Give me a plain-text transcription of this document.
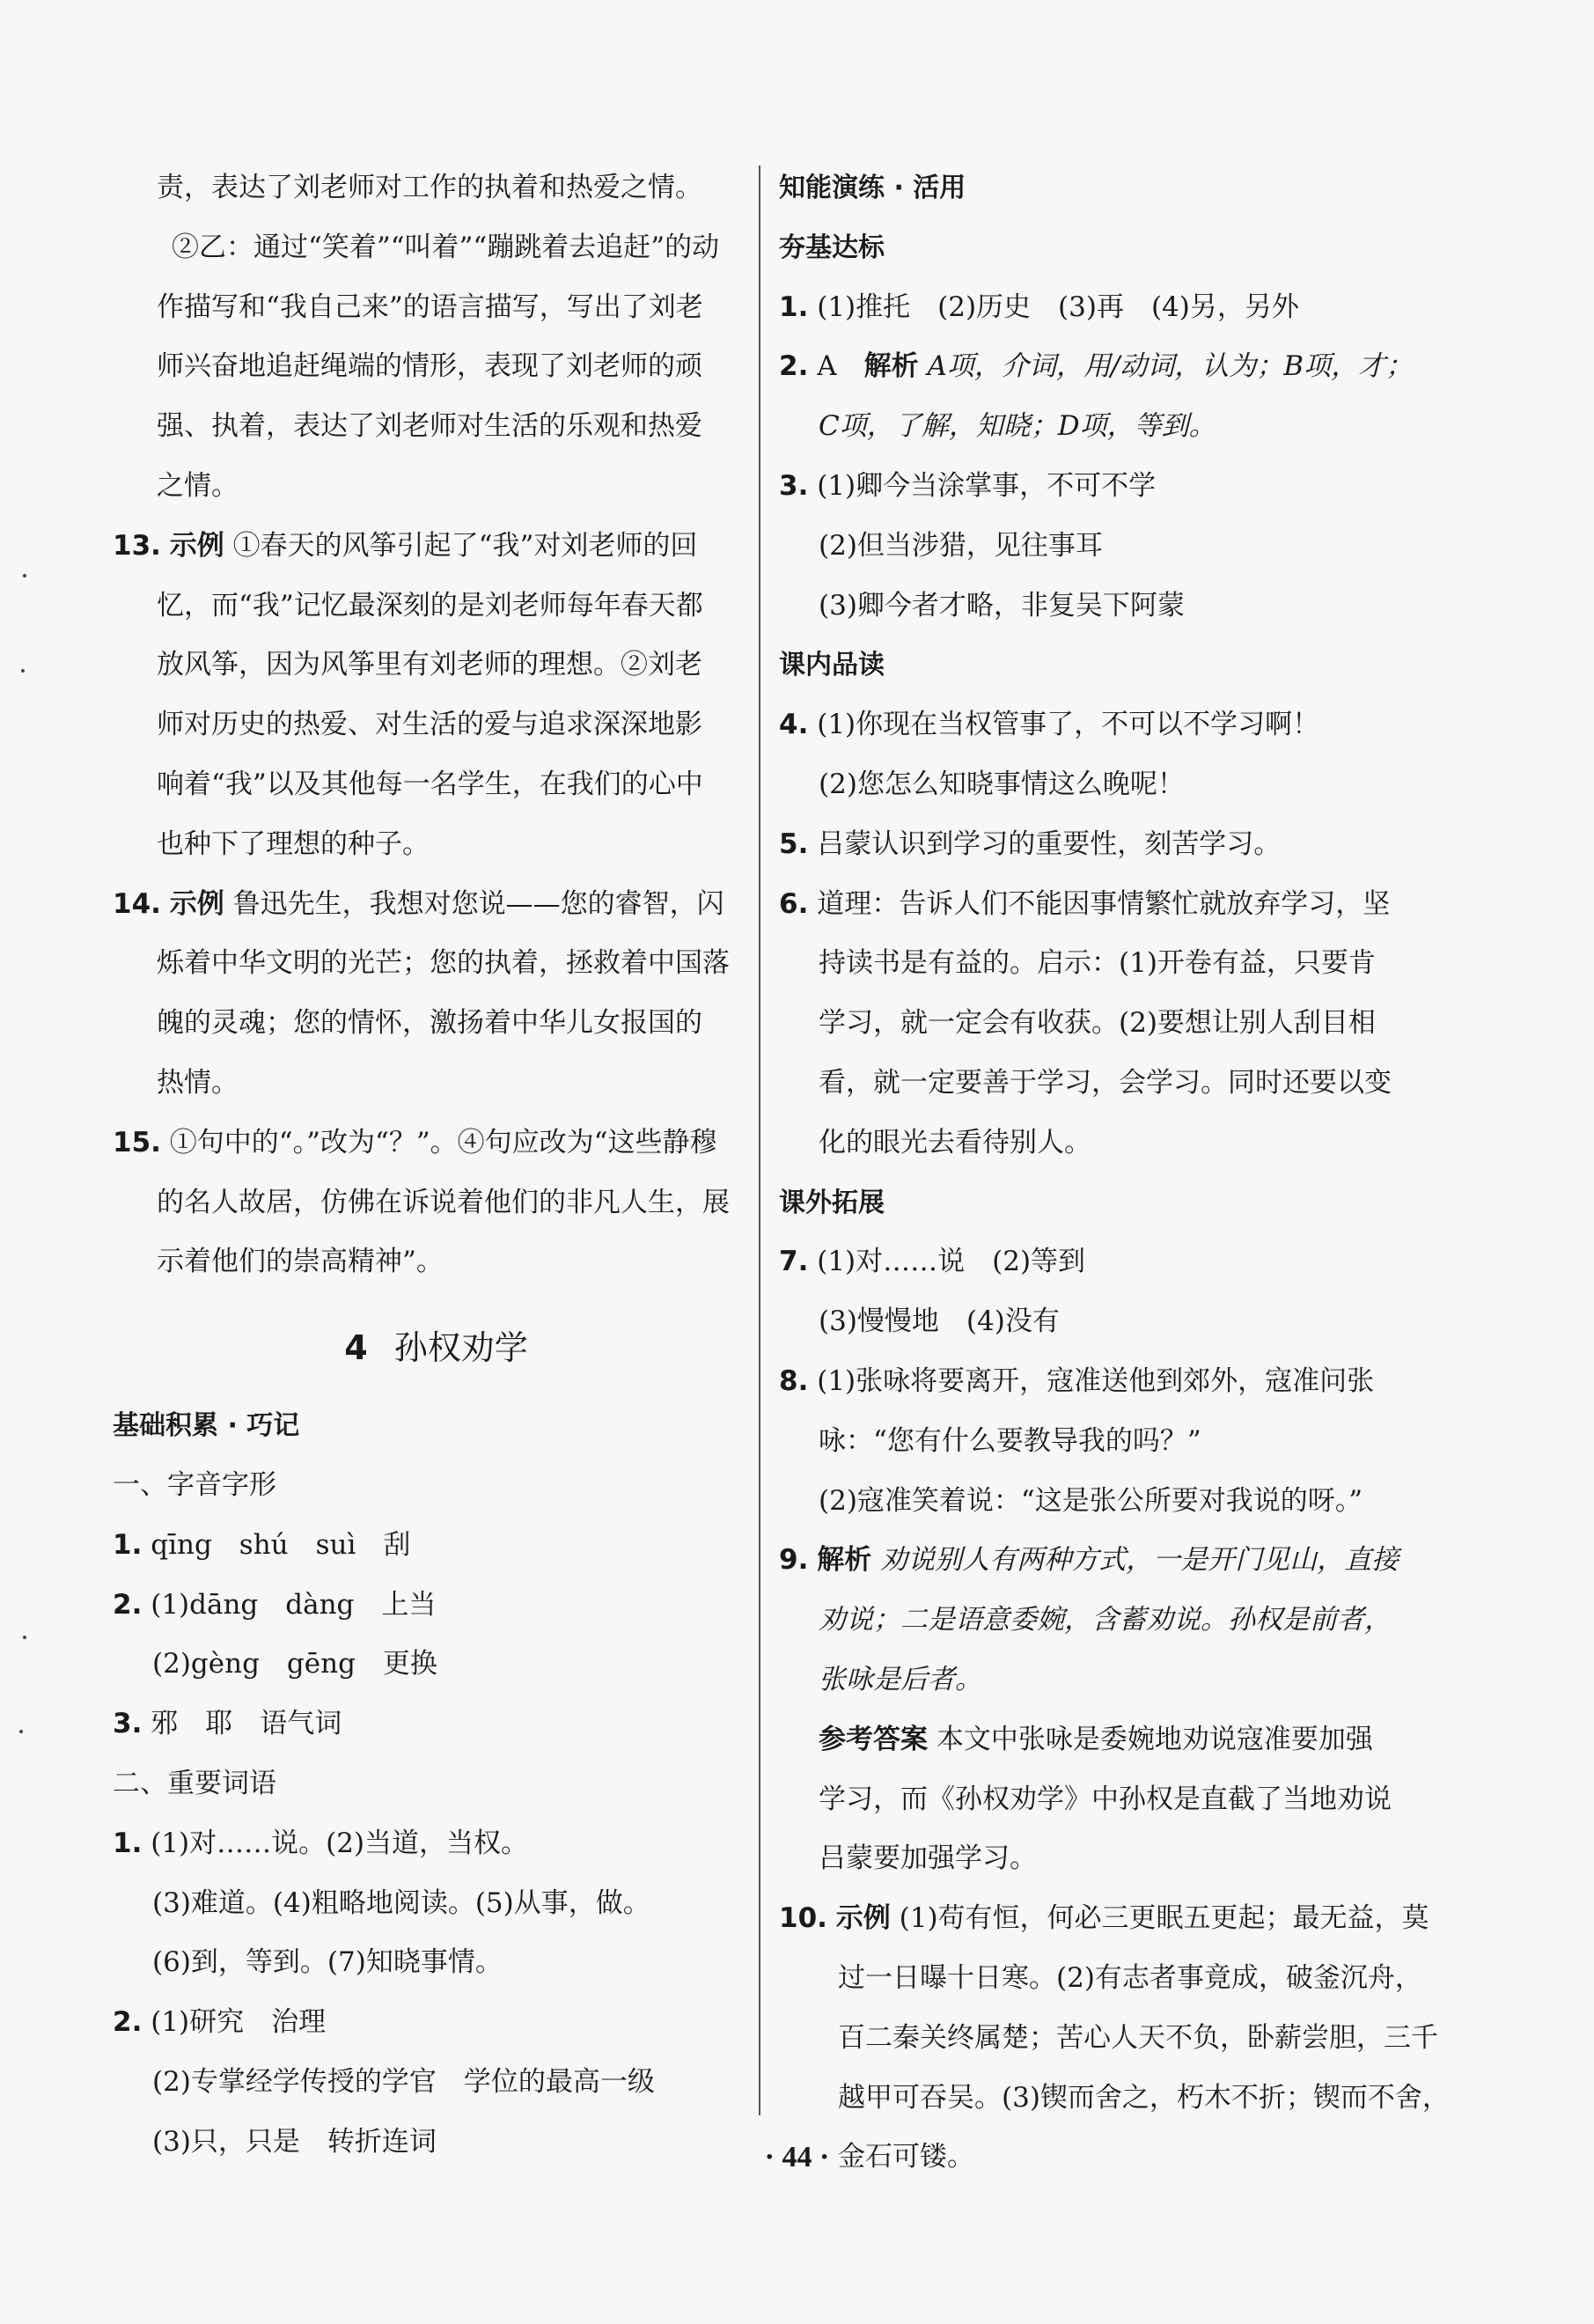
责，表达了刘老师对工作的执着和热爱之情。
②乙：通过“笑着”“叫着”“蹦跳着去追赶”的动
作描写和“我自己来”的语言描写，写出了刘老
师兴奋地追赶绳端的情形，表现了刘老师的顽
强、执着，表达了刘老师对生活的乐观和热爱
之情。
13. 示例 ①春天的风筝引起了“我”对刘老师的回
忆，而“我”记忆最深刻的是刘老师每年春天都
放风筝，因为风筝里有刘老师的理想。②刘老
师对历史的热爱、对生活的爱与追求深深地影
响着“我”以及其他每一名学生，在我们的心中
也种下了理想的种子。
14. 示例 鲁迅先生，我想对您说——您的睿智，闪
烁着中华文明的光芒；您的执着，拯救着中国落
魄的灵魂；您的情怀，激扬着中华儿女报国的
热情。
15. ①句中的“。”改为“？”。④句应改为“这些静穆
的名人故居，仿佛在诉说着他们的非凡人生，展
示着他们的崇高精神”。
4 孙权劝学
基础积累 · 巧记
一、字音字形
1. qīng　shú　suì　刮
2. (1)dāng　dàng　上当
(2)gèng　gēng　更换
3. 邪　耶　语气词
二、重要词语
1. (1)对……说。(2)当道，当权。
(3)难道。(4)粗略地阅读。(5)从事，做。
(6)到，等到。(7)知晓事情。
2. (1)研究　治理
(2)专掌经学传授的学官　学位的最高一级
(3)只，只是　转折连词
知能演练 · 活用
夯基达标
1. (1)推托　(2)历史　(3)再　(4)另，另外
2. A　解析 A项，介词，用/动词，认为；B项，才；
C项，了解，知晓；D项，等到。
3. (1)卿今当涂掌事，不可不学
(2)但当涉猎，见往事耳
(3)卿今者才略，非复吴下阿蒙
课内品读
4. (1)你现在当权管事了，不可以不学习啊！
(2)您怎么知晓事情这么晚呢！
5. 吕蒙认识到学习的重要性，刻苦学习。
6. 道理：告诉人们不能因事情繁忙就放弃学习，坚
持读书是有益的。启示：(1)开卷有益，只要肯
学习，就一定会有收获。(2)要想让别人刮目相
看，就一定要善于学习，会学习。同时还要以变
化的眼光去看待别人。
课外拓展
7. (1)对……说　(2)等到
(3)慢慢地　(4)没有
8. (1)张咏将要离开，寇准送他到郊外，寇准问张
咏：“您有什么要教导我的吗？”
(2)寇准笑着说：“这是张公所要对我说的呀。”
9. 解析 劝说别人有两种方式，一是开门见山，直接
劝说；二是语意委婉，含蓄劝说。孙权是前者，
张咏是后者。
参考答案 本文中张咏是委婉地劝说寇准要加强
学习，而《孙权劝学》中孙权是直截了当地劝说
吕蒙要加强学习。
10. 示例 (1)苟有恒，何必三更眠五更起；最无益，莫
过一日曝十日寒。(2)有志者事竟成，破釜沉舟，
百二秦关终属楚；苦心人天不负，卧薪尝胆，三千
越甲可吞吴。(3)锲而舍之，朽木不折；锲而不舍，
金石可镂。
· 44 ·
